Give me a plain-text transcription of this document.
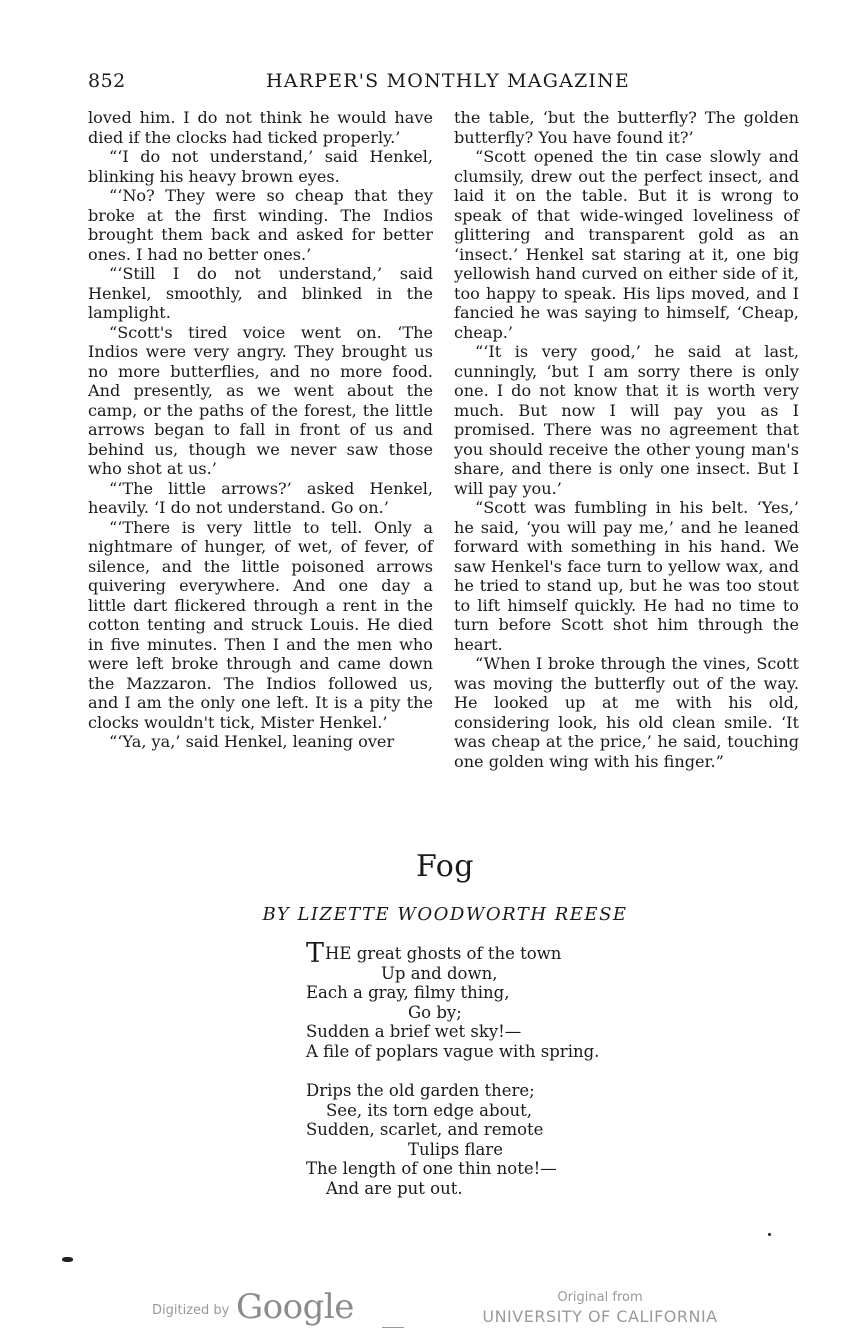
852	HARPER'S MONTHLY MAGAZINE

loved him. I do not think he would have died if the clocks had ticked properly.’

“‘I do not understand,’ said Henkel, blinking his heavy brown eyes.

“‘No? They were so cheap that they broke at the first winding. The Indios brought them back and asked for better ones. I had no better ones.’

“‘Still I do not understand,’ said Henkel, smoothly, and blinked in the lamplight.

“Scott's tired voice went on. ‘The Indios were very angry. They brought us no more butterflies, and no more food. And presently, as we went about the camp, or the paths of the forest, the little arrows began to fall in front of us and behind us, though we never saw those who shot at us.’

“‘The little arrows?’ asked Henkel, heavily. ‘I do not understand. Go on.’

“‘There is very little to tell. Only a nightmare of hunger, of wet, of fever, of silence, and the little poisoned arrows quivering everywhere. And one day a little dart flickered through a rent in the cotton tenting and struck Louis. He died in five minutes. Then I and the men who were left broke through and came down the Mazzaron. The Indios followed us, and I am the only one left. It is a pity the clocks wouldn't tick, Mister Henkel.’

“‘Ya, ya,’ said Henkel, leaning over

the table, ‘but the butterfly? The golden butterfly? You have found it?’

“Scott opened the tin case slowly and clumsily, drew out the perfect insect, and laid it on the table. But it is wrong to speak of that wide-winged loveliness of glittering and transparent gold as an ‘insect.’ Henkel sat staring at it, one big yellowish hand curved on either side of it, too happy to speak. His lips moved, and I fancied he was saying to himself, ‘Cheap, cheap.’

“‘It is very good,’ he said at last, cunningly, ‘but I am sorry there is only one. I do not know that it is worth very much. But now I will pay you as I promised. There was no agreement that you should receive the other young man's share, and there is only one insect. But I will pay you.’

“Scott was fumbling in his belt. ‘Yes,’ he said, ‘you will pay me,’ and he leaned forward with something in his hand. We saw Henkel's face turn to yellow wax, and he tried to stand up, but he was too stout to lift himself quickly. He had no time to turn before Scott shot him through the heart.

“When I broke through the vines, Scott was moving the butterfly out of the way. He looked up at me with his old, considering look, his old clean smile. ‘It was cheap at the price,’ he said, touching one golden wing with his finger.”

Fog
BY LIZETTE WOODWORTH REESE
THE great ghosts of the town
Up and down,
Each a gray, filmy thing,
Go by;
Sudden a brief wet sky!—
A file of poplars vague with spring.
Drips the old garden there;
See, its torn edge about,
Sudden, scarlet, and remote
Tulips flare
The length of one thin note!—
And are put out.
Digitized by Google	Original from
UNIVERSITY OF CALIFORNIA
